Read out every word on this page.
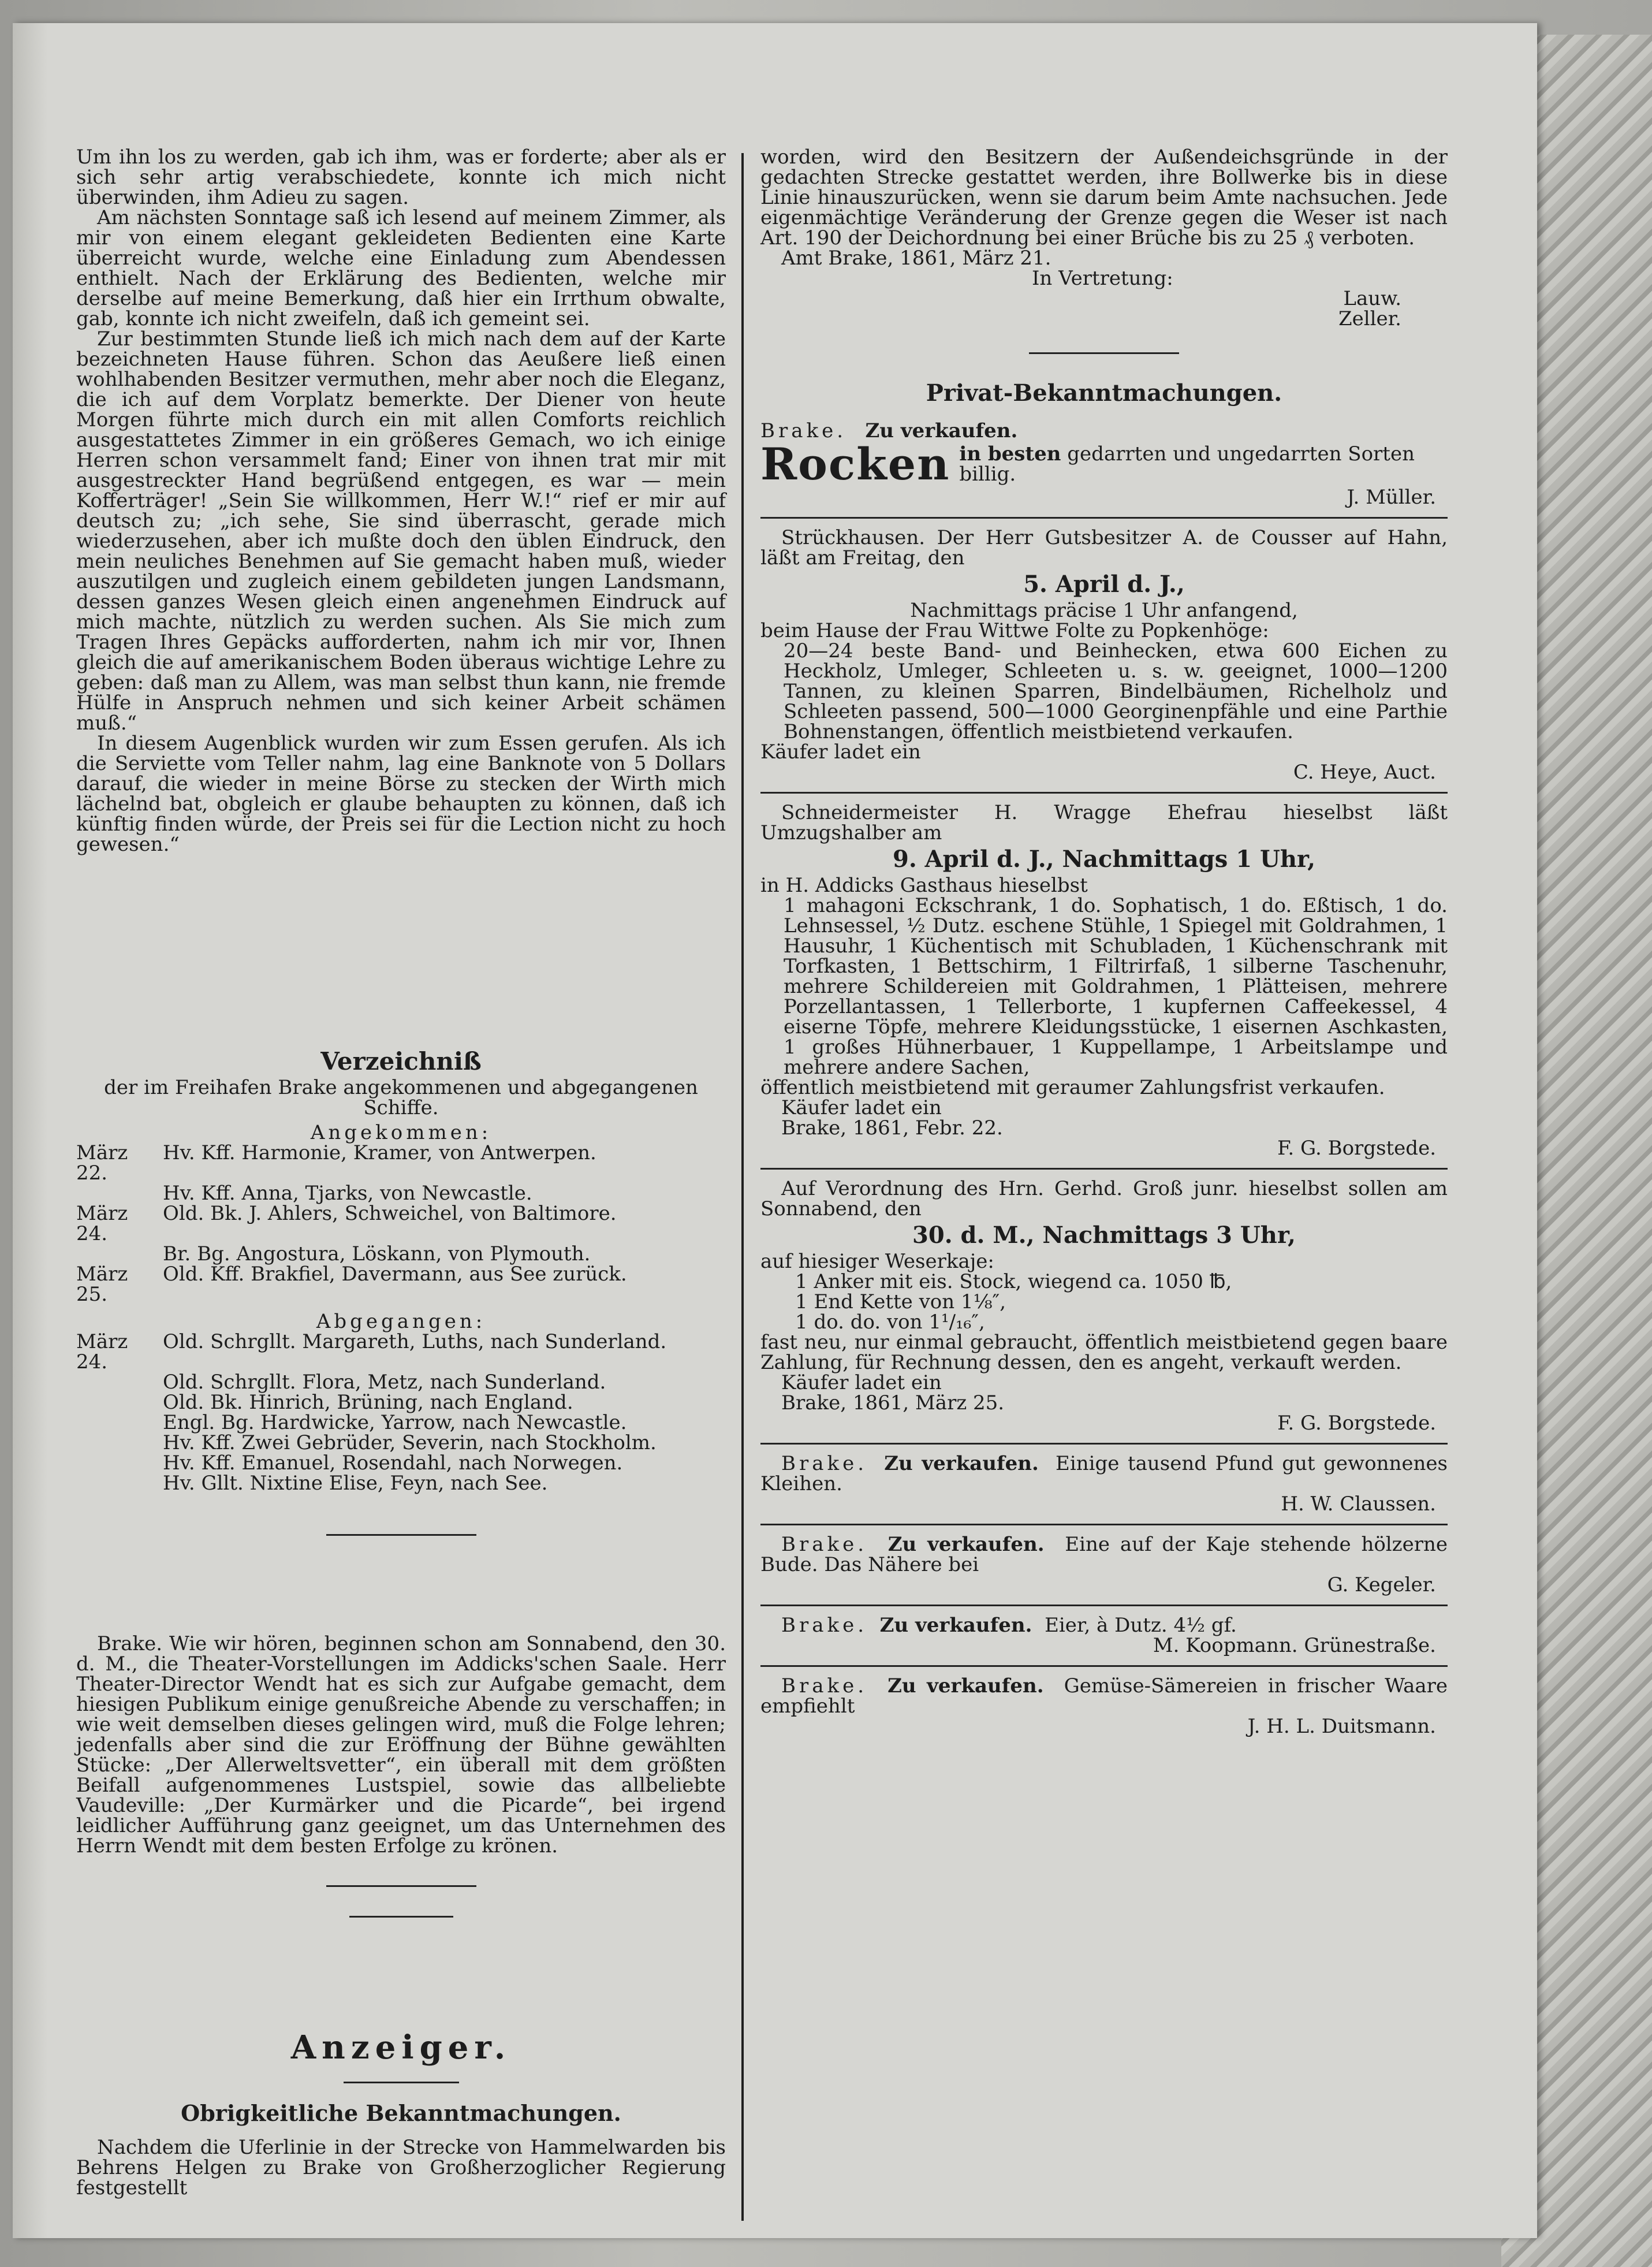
Um ihn los zu werden, gab ich ihm, was er forderte; aber als er sich sehr artig verabschiedete, konnte ich mich nicht überwinden, ihm Adieu zu sagen.

Am nächsten Sonntage saß ich lesend auf meinem Zimmer, als mir von einem elegant gekleideten Bedienten eine Karte überreicht wurde, welche eine Einladung zum Abendessen enthielt. Nach der Erklärung des Bedienten, welche mir derselbe auf meine Bemerkung, daß hier ein Irrthum obwalte, gab, konnte ich nicht zweifeln, daß ich gemeint sei.

Zur bestimmten Stunde ließ ich mich nach dem auf der Karte bezeichneten Hause führen. Schon das Aeußere ließ einen wohlhabenden Besitzer vermuthen, mehr aber noch die Eleganz, die ich auf dem Vorplatz bemerkte. Der Diener von heute Morgen führte mich durch ein mit allen Comforts reichlich ausgestattetes Zimmer in ein größeres Gemach, wo ich einige Herren schon versammelt fand; Einer von ihnen trat mir mit ausgestreckter Hand begrüßend entgegen, es war — mein Kofferträger! „Sein Sie willkommen, Herr W.!“ rief er mir auf deutsch zu; „ich sehe, Sie sind überrascht, gerade mich wiederzusehen, aber ich mußte doch den üblen Eindruck, den mein neuliches Benehmen auf Sie gemacht haben muß, wieder auszutilgen und zugleich einem gebildeten jungen Landsmann, dessen ganzes Wesen gleich einen angenehmen Eindruck auf mich machte, nützlich zu werden suchen. Als Sie mich zum Tragen Ihres Gepäcks aufforderten, nahm ich mir vor, Ihnen gleich die auf amerikanischem Boden überaus wichtige Lehre zu geben: daß man zu Allem, was man selbst thun kann, nie fremde Hülfe in Anspruch nehmen und sich keiner Arbeit schämen muß.“

In diesem Augenblick wurden wir zum Essen gerufen. Als ich die Serviette vom Teller nahm, lag eine Banknote von 5 Dollars darauf, die wieder in meine Börse zu stecken der Wirth mich lächelnd bat, obgleich er glaube behaupten zu können, daß ich künftig finden würde, der Preis sei für die Lection nicht zu hoch gewesen.“

Verzeichniß

der im Freihafen Brake angekommenen und abgegangenen Schiffe.

Angekommen:

März 22.
Hv. Kff. Harmonie, Kramer, von Antwerpen.
Hv. Kff. Anna, Tjarks, von Newcastle.
März 24.
Old. Bk. J. Ahlers, Schweichel, von Baltimore.
Br. Bg. Angostura, Löskann, von Plymouth.
März 25.
Old. Kff. Brakfiel, Davermann, aus See zurück.

Abgegangen:

März 24.
Old. Schrgllt. Margareth, Luths, nach Sunderland.
Old. Schrgllt. Flora, Metz, nach Sunderland.
Old. Bk. Hinrich, Brüning, nach England.
Engl. Bg. Hardwicke, Yarrow, nach Newcastle.
Hv. Kff. Zwei Gebrüder, Severin, nach Stockholm.
Hv. Kff. Emanuel, Rosendahl, nach Norwegen.
Hv. Gllt. Nixtine Elise, Feyn, nach See.

Brake. Wie wir hören, beginnen schon am Sonnabend, den 30. d. M., die Theater-Vorstellungen im Addicks'schen Saale. Herr Theater-Director Wendt hat es sich zur Aufgabe gemacht, dem hiesigen Publikum einige genußreiche Abende zu verschaffen; in wie weit demselben dieses gelingen wird, muß die Folge lehren; jedenfalls aber sind die zur Eröffnung der Bühne gewählten Stücke: „Der Allerweltsvetter“, ein überall mit dem größten Beifall aufgenommenes Lustspiel, sowie das allbeliebte Vaudeville: „Der Kurmärker und die Picarde“, bei irgend leidlicher Aufführung ganz geeignet, um das Unternehmen des Herrn Wendt mit dem besten Erfolge zu krönen.

Anzeiger.

Obrigkeitliche Bekanntmachungen.

Nachdem die Uferlinie in der Strecke von Hammelwarden bis Behrens Helgen zu Brake von Großherzoglicher Regierung festgestellt

worden, wird den Besitzern der Außendeichsgründe in der gedachten Strecke gestattet werden, ihre Bollwerke bis in diese Linie hinauszurücken, wenn sie darum beim Amte nachsuchen. Jede eigenmächtige Veränderung der Grenze gegen die Weser ist nach Art. 190 der Deichordnung bei einer Brüche bis zu 25 ₰ verboten.

Amt Brake, 1861, März 21.

In Vertretung:

Lauw.

Zeller.

Privat-Bekanntmachungen.

Brake. Zu verkaufen.

Rocken in besten gedarrten und ungedarrten Sorten billig.

J. Müller.

Strückhausen. Der Herr Gutsbesitzer A. de Cousser auf Hahn, läßt am Freitag, den

5. April d. J.,

Nachmittags präcise 1 Uhr anfangend,

beim Hause der Frau Wittwe Folte zu Popkenhöge:

20—24 beste Band- und Beinhecken, etwa 600 Eichen zu Heckholz, Umleger, Schleeten u. s. w. geeignet, 1000—1200 Tannen, zu kleinen Sparren, Bindelbäumen, Richelholz und Schleeten passend, 500—1000 Georginenpfähle und eine Parthie Bohnenstangen, öffentlich meistbietend verkaufen.

Käufer ladet ein

C. Heye, Auct.

Schneidermeister H. Wragge Ehefrau hieselbst läßt Umzugshalber am

9. April d. J., Nachmittags 1 Uhr,

in H. Addicks Gasthaus hieselbst

1 mahagoni Eckschrank, 1 do. Sophatisch, 1 do. Eßtisch, 1 do. Lehnsessel, ½ Dutz. eschene Stühle, 1 Spiegel mit Goldrahmen, 1 Hausuhr, 1 Küchentisch mit Schubladen, 1 Küchenschrank mit Torfkasten, 1 Bettschirm, 1 Filtrirfaß, 1 silberne Taschenuhr, mehrere Schildereien mit Goldrahmen, 1 Plätteisen, mehrere Porzellantassen, 1 Tellerborte, 1 kupfernen Caffeekessel, 4 eiserne Töpfe, mehrere Kleidungsstücke, 1 eisernen Aschkasten, 1 großes Hühnerbauer, 1 Kuppellampe, 1 Arbeitslampe und mehrere andere Sachen,

öffentlich meistbietend mit geraumer Zahlungsfrist verkaufen.

Käufer ladet ein

Brake, 1861, Febr. 22.

F. G. Borgstede.

Auf Verordnung des Hrn. Gerhd. Groß junr. hieselbst sollen am Sonnabend, den

30. d. M., Nachmittags 3 Uhr,

auf hiesiger Weserkaje:

1 Anker mit eis. Stock, wiegend ca. 1050 ℔,
1 End Kette von 1⅛″,
1 do. do. von 1¹/₁₆″,

fast neu, nur einmal gebraucht, öffentlich meistbietend gegen baare Zahlung, für Rechnung dessen, den es angeht, verkauft werden.

Käufer ladet ein

Brake, 1861, März 25.

F. G. Borgstede.

Brake. Zu verkaufen. Einige tausend Pfund gut gewonnenes Kleihen.

H. W. Claussen.

Brake. Zu verkaufen. Eine auf der Kaje stehende hölzerne Bude. Das Nähere bei

G. Kegeler.

Brake. Zu verkaufen. Eier, à Dutz. 4½ gf.

M. Koopmann. Grünestraße.

Brake. Zu verkaufen. Gemüse-Sämereien in frischer Waare empfiehlt

J. H. L. Duitsmann.
